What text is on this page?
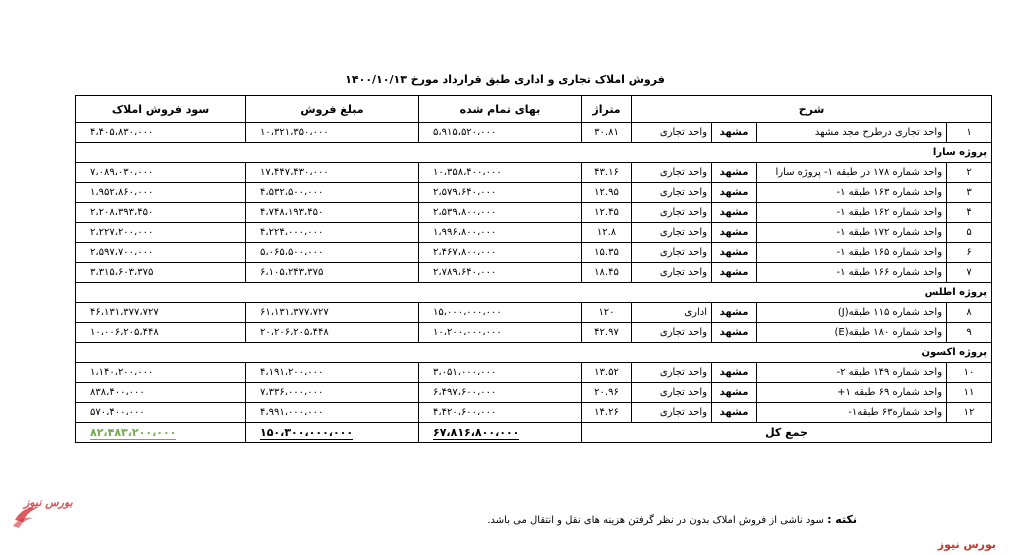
فروش املاک تجاری و اداری طبق قرارداد مورخ ۱۴۰۰/۱۰/۱۳
شرح				متراژ	بهای تمام شده	مبلغ فروش	سود فروش املاک
۱	واحد تجاری درطرح مجد مشهد	مشهد	واحد تجاری	۳۰.۸۱	۵،۹۱۵،۵۲۰،۰۰۰	۱۰،۳۲۱،۳۵۰،۰۰۰	۴،۴۰۵،۸۳۰،۰۰۰
پروژه سارا							
۲	واحد شماره ۱۷۸ در طبقه ۱- پروژه سارا	مشهد	واحد تجاری	۴۳.۱۶	۱۰،۳۵۸،۴۰۰،۰۰۰	۱۷،۴۴۷،۴۳۰،۰۰۰	۷،۰۸۹،۰۳۰،۰۰۰
۳	واحد شماره ۱۶۳ طبقه ۱-	مشهد	واحد تجاری	۱۲.۹۵	۲،۵۷۹،۶۴۰،۰۰۰	۴،۵۳۲،۵۰۰،۰۰۰	۱،۹۵۲،۸۶۰،۰۰۰
۴	واحد شماره ۱۶۲ طبقه ۱-	مشهد	واحد تجاری	۱۲.۴۵	۲،۵۳۹،۸۰۰،۰۰۰	۴،۷۴۸،۱۹۳،۴۵۰	۲،۲۰۸،۳۹۳،۴۵۰
۵	واحد شماره ۱۷۲ طبقه ۱-	مشهد	واحد تجاری	۱۲.۸	۱،۹۹۶،۸۰۰،۰۰۰	۴،۲۲۴،۰۰۰،۰۰۰	۲،۲۲۷،۲۰۰،۰۰۰
۶	واحد شماره ۱۶۵ طبقه ۱-	مشهد	واحد تجاری	۱۵.۳۵	۲،۴۶۷،۸۰۰،۰۰۰	۵،۰۶۵،۵۰۰،۰۰۰	۲،۵۹۷،۷۰۰،۰۰۰
۷	واحد شماره ۱۶۶ طبقه ۱-	مشهد	واحد تجاری	۱۸.۴۵	۲،۷۸۹،۶۴۰،۰۰۰	۶،۱۰۵،۲۴۳،۳۷۵	۳،۳۱۵،۶۰۳،۳۷۵
پروژه اطلس							
۸	واحد شماره ۱۱۵ طبقه(J)	مشهد	اداری	۱۲۰	۱۵،۰۰۰،۰۰۰،۰۰۰	۶۱،۱۳۱،۳۷۷،۷۲۷	۴۶،۱۳۱،۳۷۷،۷۲۷
۹	واحد شماره ۱۸۰ طبقه(E)	مشهد	واحد تجاری	۴۲.۹۷	۱۰،۲۰۰،۰۰۰،۰۰۰	۲۰،۲۰۶،۲۰۵،۴۴۸	۱۰،۰۰۶،۲۰۵،۴۴۸
پروژه اکسون							
۱۰	واحد شماره ۱۴۹ طبقه ۲-	مشهد	واحد تجاری	۱۳.۵۲	۳،۰۵۱،۰۰۰،۰۰۰	۴،۱۹۱،۲۰۰،۰۰۰	۱،۱۴۰،۲۰۰،۰۰۰
۱۱	واحد شماره ۶۹ طبقه ۱+	مشهد	واحد تجاری	۲۰.۹۶	۶،۴۹۷،۶۰۰،۰۰۰	۷،۳۳۶،۰۰۰،۰۰۰	۸۳۸،۴۰۰،۰۰۰
۱۲	واحد شماره۶۳ طبقه۱-	مشهد	واحد تجاری	۱۴.۲۶	۴،۴۲۰،۶۰۰،۰۰۰	۴،۹۹۱،۰۰۰،۰۰۰	۵۷۰،۴۰۰،۰۰۰
جمع کل					۶۷،۸۱۶،۸۰۰،۰۰۰	۱۵۰،۳۰۰،۰۰۰،۰۰۰	۸۲،۴۸۳،۲۰۰،۰۰۰
نکته : سود ناشی از فروش املاک بدون در نظر گرفتن هزینه های نقل و انتقال می باشد.
بورس نیوز
بورس نیوز
